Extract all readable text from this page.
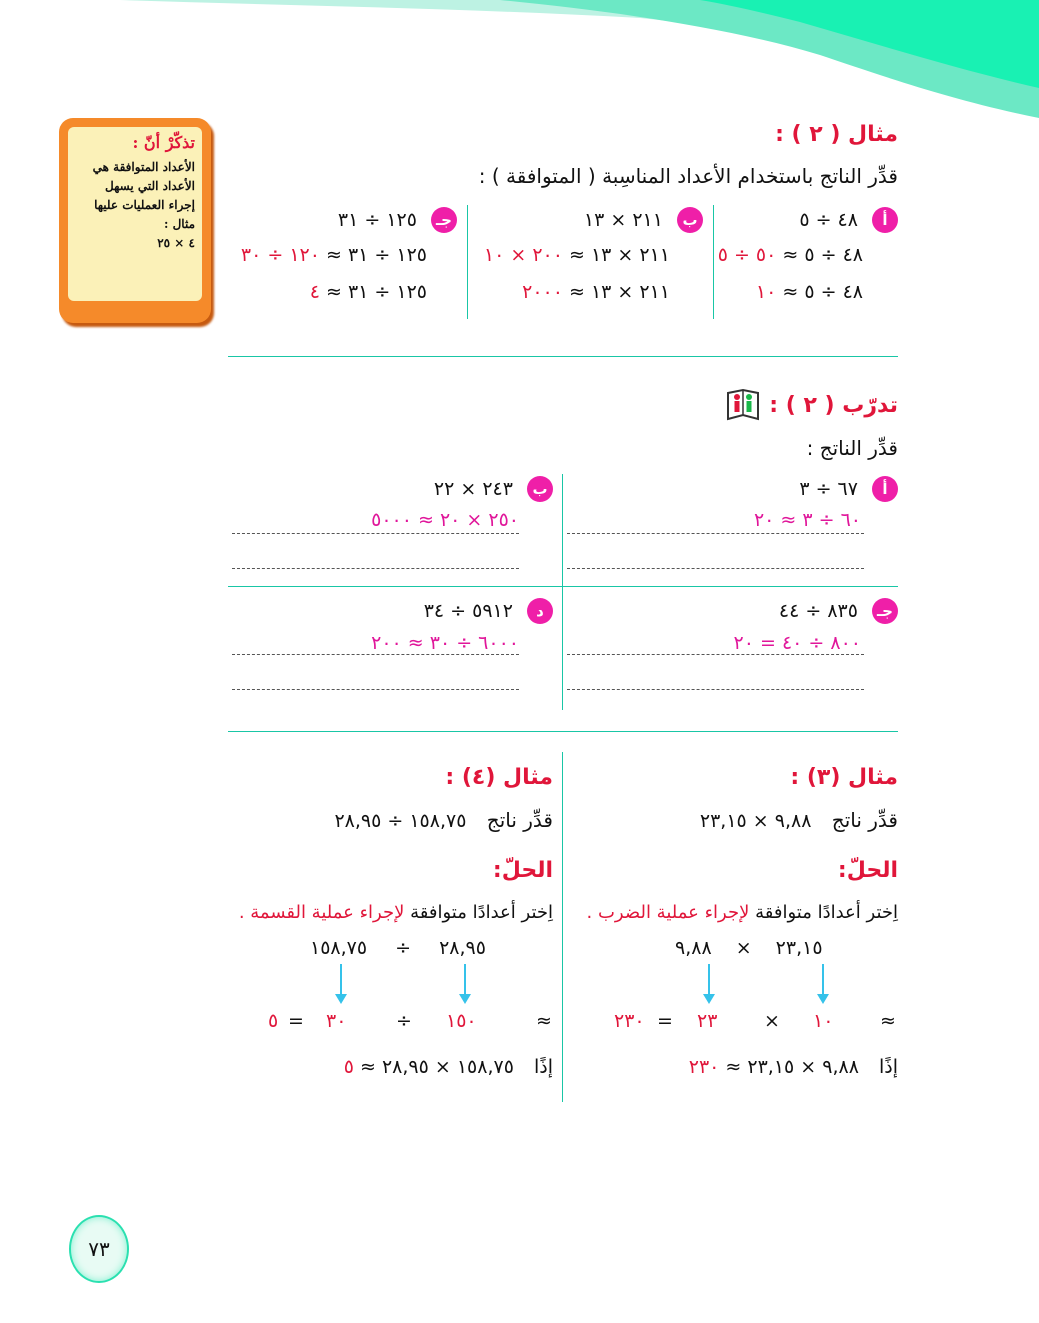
تذكّرْ أنّ :
الأعداد المتوافقة هي
الأعداد التي يسهل
إجراء العمليات عليها
مثال :
٤ × ٢٥
مثال ( ٢ ) :
قدِّر الناتج باستخدام الأعداد المناسِبة ( المتوافقة ) :
أ ٤٨ ÷ ٥
٤٨ ÷ ٥ ≈ ٥٠ ÷ ٥
٤٨ ÷ ٥ ≈ ١٠
ب ٢١١ × ١٣
٢١١ × ١٣ ≈ ٢٠٠ × ١٠
٢١١ × ١٣ ≈ ٢٠٠٠
جـ ١٢٥ ÷ ٣١
١٢٥ ÷ ٣١ ≈ ١٢٠ ÷ ٣٠
١٢٥ ÷ ٣١ ≈ ٤
تدرّب ( ٢ ) :
قدِّر الناتج :
أ ٦٧ ÷ ٣
٦٠ ÷ ٣ ≈ ٢٠
ب ٢٤٣ × ٢٢
٢٥٠ × ٢٠ ≈ ٥٠٠٠
جـ ٨٣٥ ÷ ٤٤
٨٠٠ ÷ ٤٠ = ٢٠
د ٥٩١٢ ÷ ٣٤
٦٠٠٠ ÷ ٣٠ ≈ ٢٠٠
مثال (٣) :
قدِّر ناتج ٩,٨٨ × ٢٣,١٥
الحلّ:
اِختر أعدادًا متوافقة لإجراء عملية الضرب .
٢٣,١٥ × ٩,٨٨
≈
١٠
×
٢٣
=
٢٣٠
إذًا ٩,٨٨ × ٢٣,١٥ ≈ ٢٣٠
مثال (٤) :
قدِّر ناتج ١٥٨,٧٥ ÷ ٢٨,٩٥
الحلّ:
اِختر أعدادًا متوافقة لإجراء عملية القسمة .
٢٨,٩٥ ÷ ١٥٨,٧٥
≈
١٥٠
÷
٣٠
=
٥
إذًا ١٥٨,٧٥ × ٢٨,٩٥ ≈ ٥
٧٣
